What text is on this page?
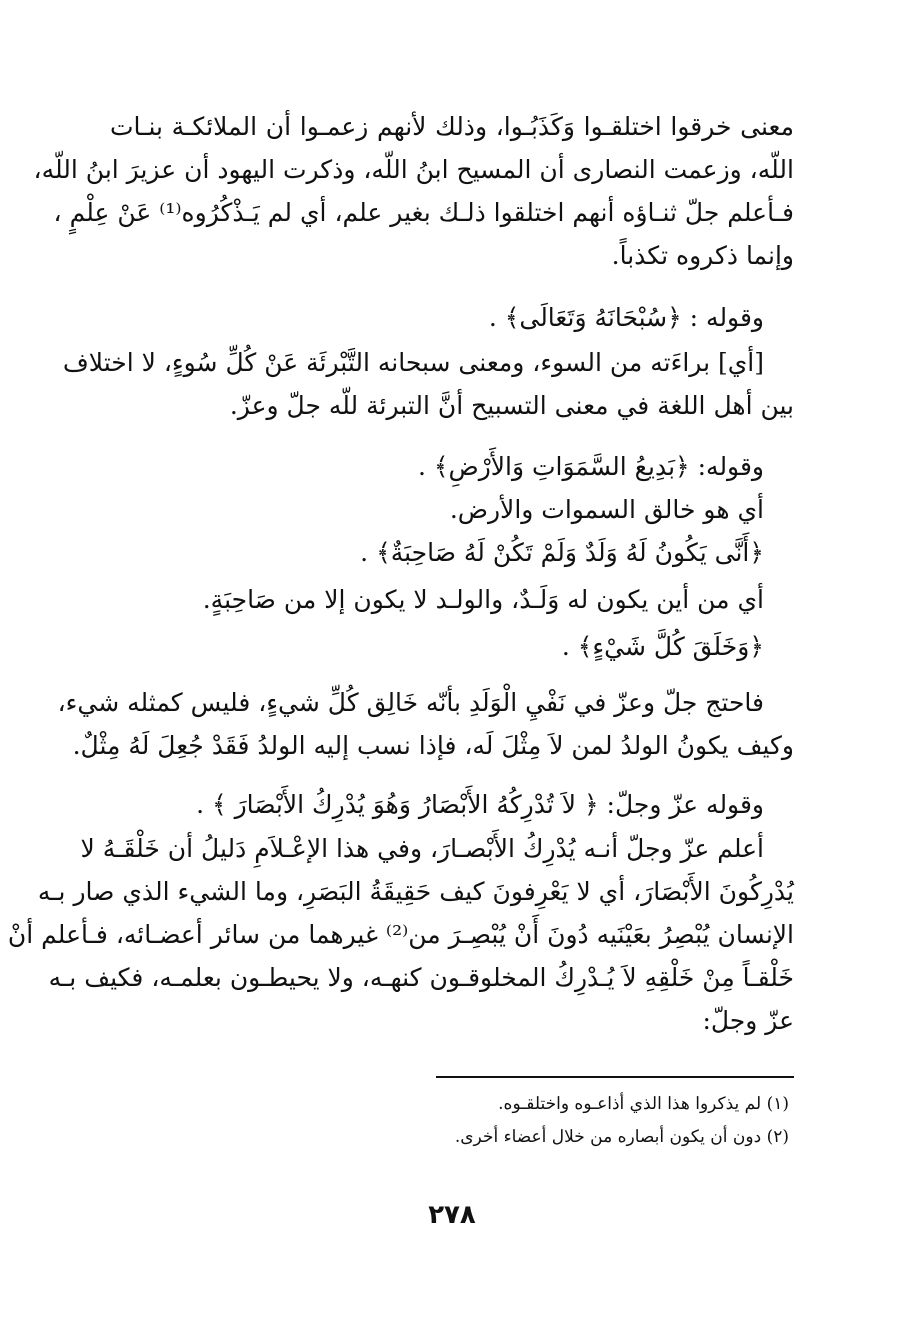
معنى خرقوا اختلقـوا وَكَذَبُـوا، وذلك لأنهم زعمـوا أن الملائكـة بنـات
اللّه، وزعمت النصارى أن المسيح ابنُ اللّه، وذكرت اليهود أن عزيرَ ابنُ اللّه،
فـأعلم جلّ ثنـاؤه أنهم اختلقوا ذلـك بغير علم، أي لم يَـذْكُرُوه⁽¹⁾ عَنْ عِلْمٍ ،
وإنما ذكروه تكذباً.
وقوله : ﴿سُبْحَانَهُ وَتَعَالَى﴾ .
[أي] براءَته من السوء، ومعنى سبحانه التَّبْرئَة عَنْ كُلِّ سُوءٍ، لا اختلاف
بين أهل اللغة في معنى التسبيح أنَّ التبرئة للّه جلّ وعزّ.
وقوله: ﴿بَدِيعُ السَّمَوَاتِ وَالأَرْضِ﴾ .
أي هو خالق السموات والأرض.
﴿أَنَّى يَكُونُ لَهُ وَلَدٌ وَلَمْ تَكُنْ لَهُ صَاحِبَةٌ﴾ .
أي من أين يكون له وَلَـدٌ، والولـد لا يكون إلا من صَاحِبَةٍ.
﴿وَخَلَقَ كُلَّ شَيْءٍ﴾ .
فاحتج جلّ وعزّ في نَفْيِ الْوَلَدِ بأنّه خَالِق كُلِّ شيءٍ، فليس كمثله شيء،
وكيف يكونُ الولدُ لمن لاَ مِثْلَ لَه، فإذا نسب إليه الولدُ فَقَدْ جُعِلَ لَهُ مِثْلٌ.
وقوله عزّ وجلّ: ﴿ لاَ تُدْرِكُهُ الأَبْصَارُ وَهُوَ يُدْرِكُ الأَبْصَارَ ﴾ .
أعلم عزّ وجلّ أنـه يُدْرِكُ الأَبْصـارَ، وفي هذا الإعْـلاَمِ دَليلُ أن خَلْقَـهُ لا
يُدْرِكُونَ الأَبْصَارَ، أي لا يَعْرِفونَ كيف حَقِيقَةُ البَصَرِ، وما الشيء الذي صار بـه
الإنسان يُبْصِرُ بعَيْنَيه دُونَ أَنْ يُبْصِـرَ من⁽²⁾ غيرهما من سائر أعضـائه، فـأعلم أنْ
خَلْقـاً مِنْ خَلْقِهِ لاَ يُـدْرِكُ المخلوقـون كنهـه، ولا يحيطـون بعلمـه، فكيف بـه
عزّ وجلّ:
(١) لم يذكروا هذا الذي أذاعـوه واختلقـوه.
(٢) دون أن يكون أبصاره من خلال أعضاء أخرى.
٢٧٨
